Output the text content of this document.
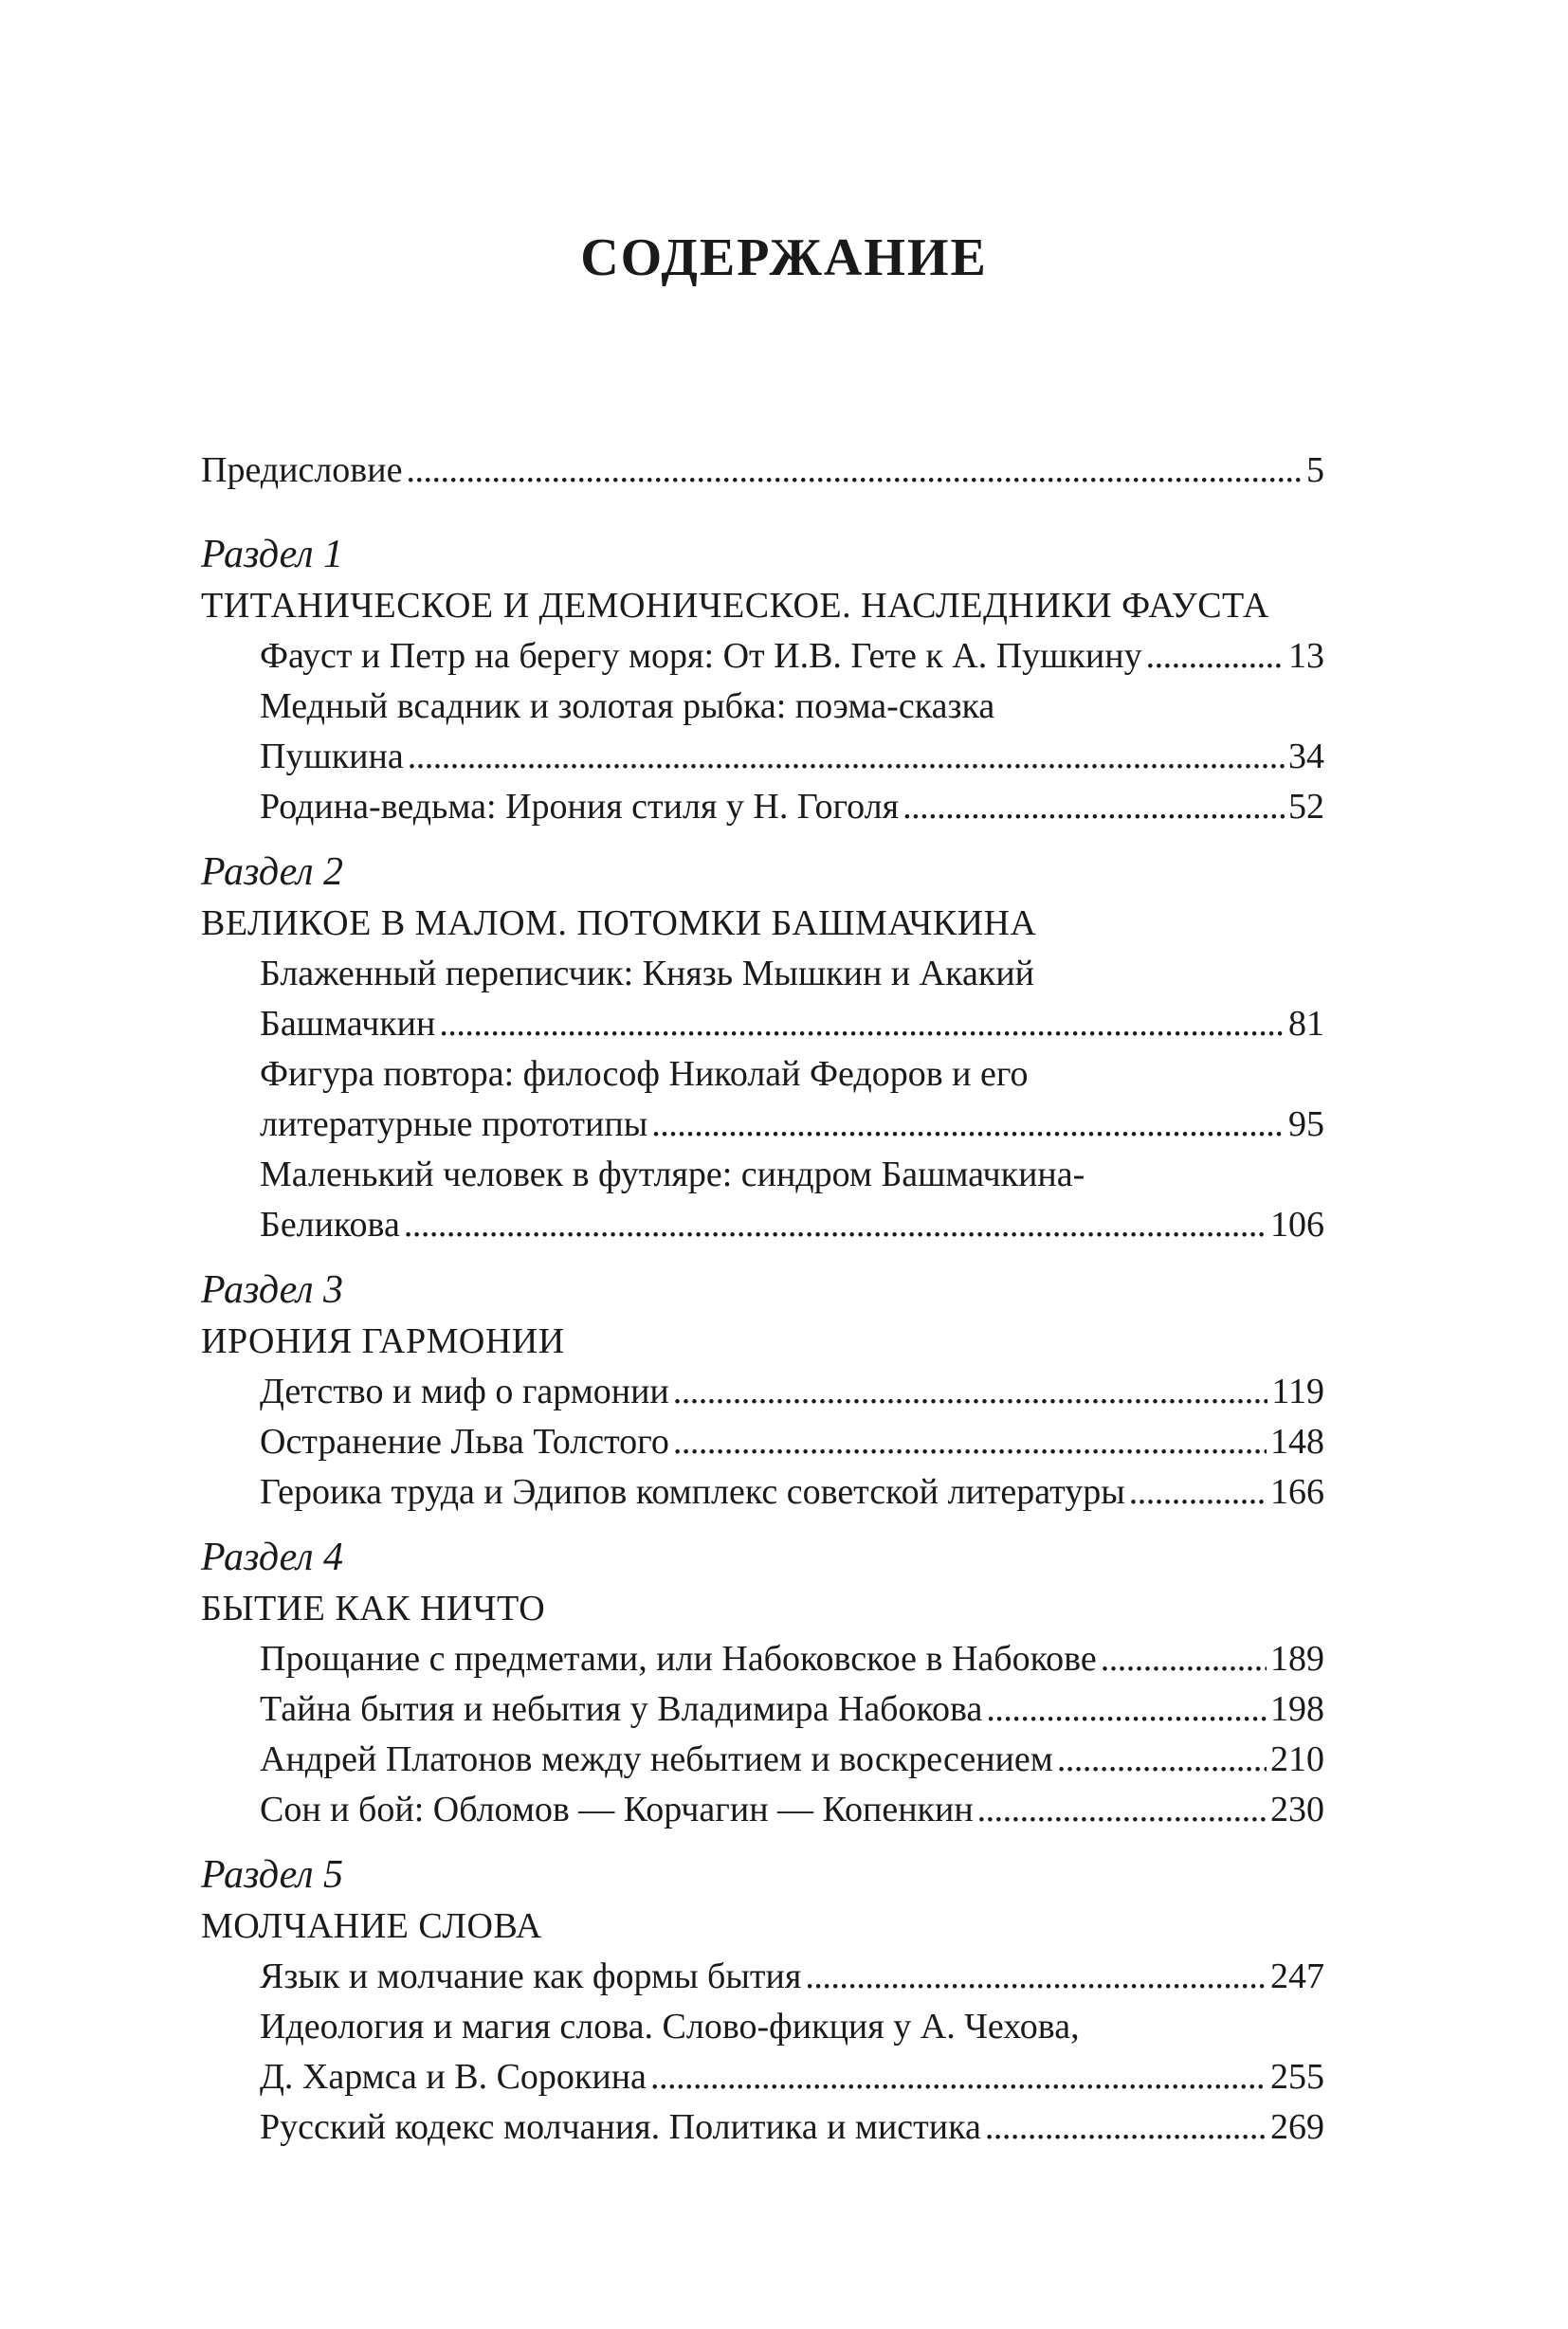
СОДЕРЖАНИЕ
Предисловие . . .	5
Раздел 1
ТИТАНИЧЕСКОЕ И ДЕМОНИЧЕСКОЕ. НАСЛЕДНИКИ ФАУСТА
Фауст и Петр на берегу моря: От И.В. Гете к А. Пушкину . . .	13
Медный всадник и золотая рыбка: поэма-сказка
Пушкина . . .	34
Родина-ведьма: Ирония стиля у Н. Гоголя . . .	52
Раздел 2
ВЕЛИКОЕ В МАЛОМ. ПОТОМКИ БАШМАЧКИНА
Блаженный переписчик: Князь Мышкин и Акакий
Башмачкин . . .	81
Фигура повтора: философ Николай Федоров и его
литературные прототипы . . .	95
Маленький человек в футляре: синдром Башмачкина-
Беликова . . .	106
Раздел 3
ИРОНИЯ ГАРМОНИИ
Детство и миф о гармонии . . .	119
Остранение Льва Толстого . . .	148
Героика труда и Эдипов комплекс советской литературы . . .	166
Раздел 4
БЫТИЕ КАК НИЧТО
Прощание с предметами, или Набоковское в Набокове . . .	189
Тайна бытия и небытия у Владимира Набокова . . .	198
Андрей Платонов между небытием и воскресением . . .	210
Сон и бой: Обломов — Корчагин — Копенкин . . .	230
Раздел 5
МОЛЧАНИЕ СЛОВА
Язык и молчание как формы бытия . . .	247
Идеология и магия слова. Слово-фикция у А. Чехова,
Д. Хармса и В. Сорокина . . .	255
Русский кодекс молчания. Политика и мистика . . .	269
